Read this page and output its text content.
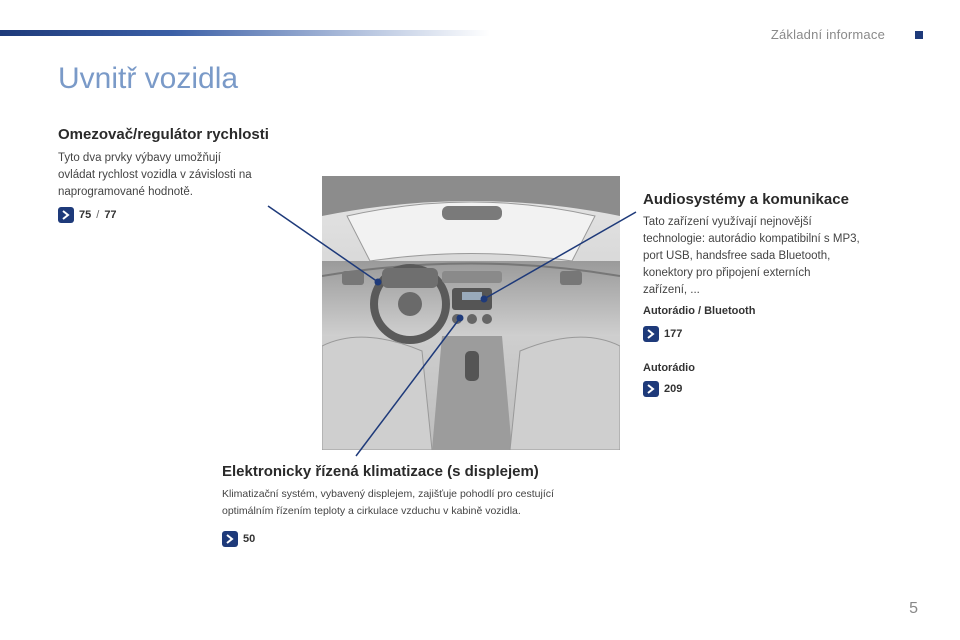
Základní informace
Uvnitř vozidla
Omezovač/regulátor rychlosti
Tyto dva prvky výbavy umožňují
ovládat rychlost vozidla v závislosti na
naprogramované hodnotě.
75 / 77
Audiosystémy a komunikace
Tato zařízení využívají nejnovější
technologie: autorádio kompatibilní s MP3,
port USB, handsfree sada Bluetooth,
konektory pro připojení externích
zařízení, ...
Autorádio / Bluetooth
177
Autorádio
209
Elektronicky řízená klimatizace (s displejem)
Klimatizační systém, vybavený displejem, zajišťuje pohodlí pro cestující
optimálním řízením teploty a cirkulace vzduchu v kabině vozidla.
50
5
